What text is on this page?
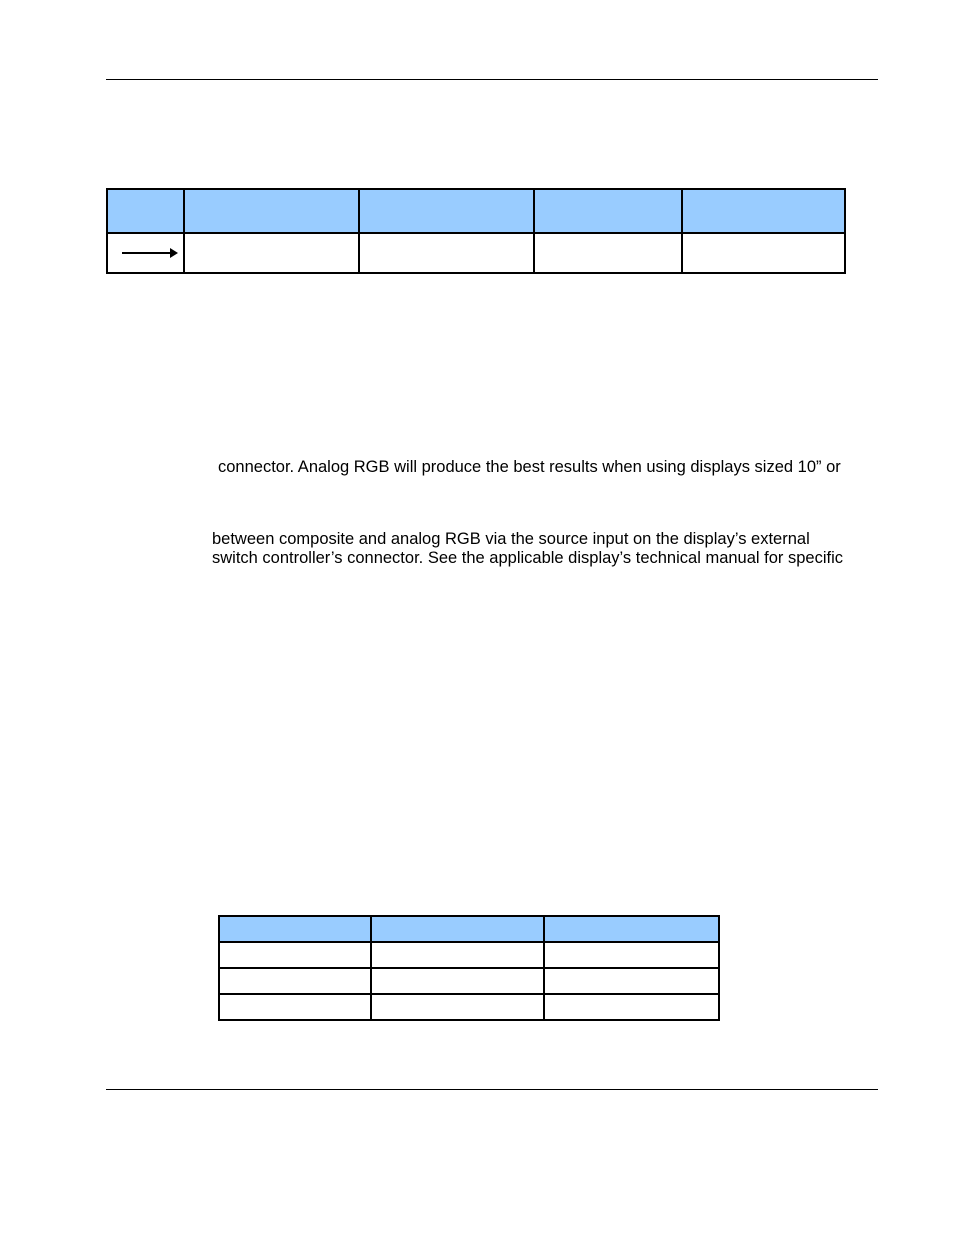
connector. Analog RGB will produce the best results when using displays sized 10” or
between composite and analog RGB via the source input on the display’s external
switch controller’s connector. See the applicable display’s technical manual for specific
